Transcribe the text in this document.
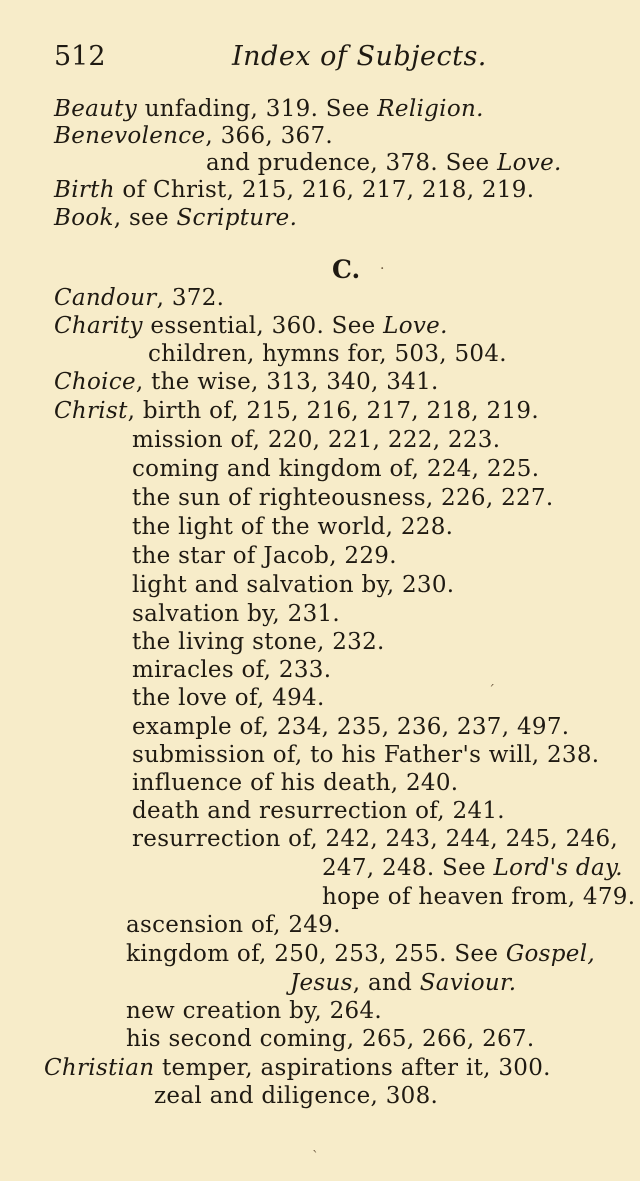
512	Index of Subjects.
Beauty unfading, 319. See Religion.
Benevolence, 366, 367.
and prudence, 378. See Love.
Birth of Christ, 215, 216, 217, 218, 219.
Book, see Scripture.
C.
Candour, 372.
Charity essential, 360. See Love.
children, hymns for, 503, 504.
Choice, the wise, 313, 340, 341.
Christ, birth of, 215, 216, 217, 218, 219.
mission of, 220, 221, 222, 223.
coming and kingdom of, 224, 225.
the sun of righteousness, 226, 227.
the light of the world, 228.
the star of Jacob, 229.
light and salvation by, 230.
salvation by, 231.
the living stone, 232.
miracles of, 233.
the love of, 494.
example of, 234, 235, 236, 237, 497.
submission of, to his Father's will, 238.
influence of his death, 240.
death and resurrection of, 241.
resurrection of, 242, 243, 244, 245, 246,
247, 248. See Lord's day.
hope of heaven from, 479.
ascension of, 249.
kingdom of, 250, 253, 255. See Gospel,
Jesus, and Saviour.
new creation by, 264.
his second coming, 265, 266, 267.
Christian temper, aspirations after it, 300.
zeal and diligence, 308.
·
ˊ
ˋ
